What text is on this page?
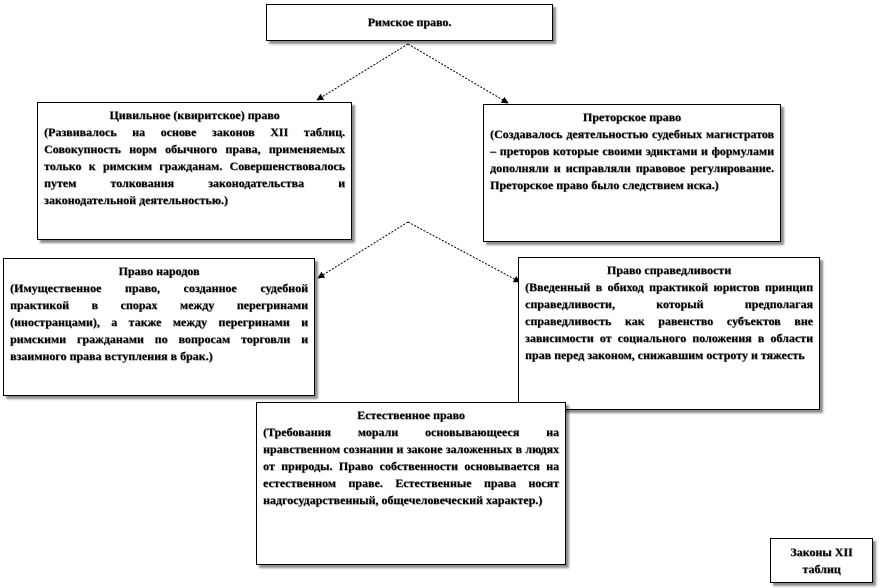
Римское право.
Цивильное (квиритское) право
(Развивалось на основе законов XII таблиц. Совокупность норм обычного права, применяемых только к римским гражданам. Совершенствовалось путем толкования законодательства и законодательной деятельностью.)
Преторское право
(Создавалось деятельностью судебных магистратов – преторов которые своими эдиктами и формулами дополняли и исправляли правовое регулирование. Преторское право было следствием иска.)
Право народов
(Имущественное право, созданное судебной практикой в спорах между перегринами (иностранцами), а также между перегринами и римскими гражданами по вопросам торговли и взаимного права вступления в брак.)
Право справедливости
(Введенный в обиход практикой юристов принцип справедливости, который предполагая справедливость как равенство субъектов вне зависимости от социального положения в области прав перед законом, снижавшим остроту и тяжесть
Естественное право
(Требования морали основывающееся на нравственном сознании и законе заложенных в людях от природы. Право собственности основывается на естественном праве. Естественные права носят надгосударственный, общечеловеческий характер.)
Законы XII таблиц
